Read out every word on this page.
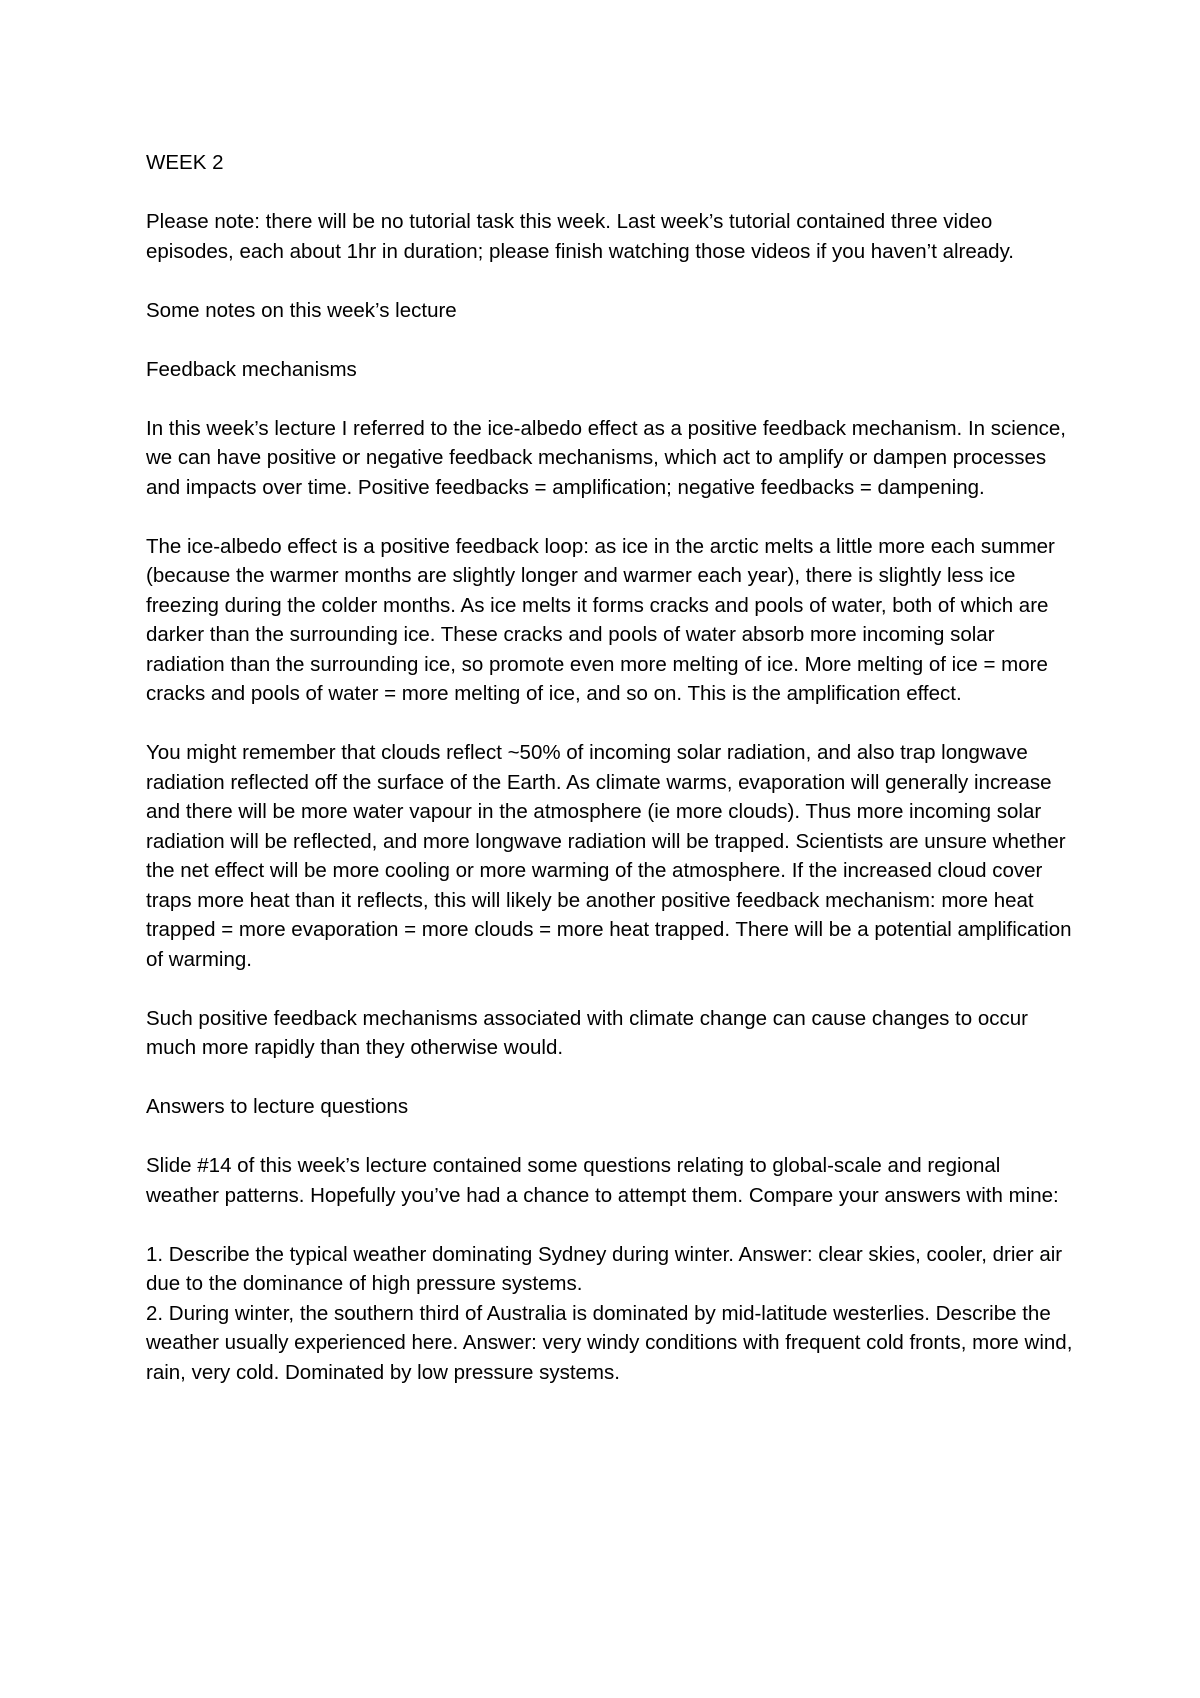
WEEK 2

Please note: there will be no tutorial task this week. Last week’s tutorial contained three video episodes, each about 1hr in duration; please finish watching those videos if you haven’t already.

Some notes on this week’s lecture

Feedback mechanisms

In this week’s lecture I referred to the ice-albedo effect as a positive feedback mechanism. In science, we can have positive or negative feedback mechanisms, which act to amplify or dampen processes and impacts over time. Positive feedbacks = amplification; negative feedbacks = dampening.

The ice-albedo effect is a positive feedback loop: as ice in the arctic melts a little more each summer (because the warmer months are slightly longer and warmer each year), there is slightly less ice freezing during the colder months. As ice melts it forms cracks and pools of water, both of which are darker than the surrounding ice. These cracks and pools of water absorb more incoming solar radiation than the surrounding ice, so promote even more melting of ice. More melting of ice = more cracks and pools of water = more melting of ice, and so on. This is the amplification effect.

You might remember that clouds reflect ~50% of incoming solar radiation, and also trap longwave radiation reflected off the surface of the Earth. As climate warms, evaporation will generally increase and there will be more water vapour in the atmosphere (ie more clouds). Thus more incoming solar radiation will be reflected, and more longwave radiation will be trapped. Scientists are unsure whether the net effect will be more cooling or more warming of the atmosphere. If the increased cloud cover traps more heat than it reflects, this will likely be another positive feedback mechanism: more heat trapped = more evaporation = more clouds = more heat trapped. There will be a potential amplification of warming.

Such positive feedback mechanisms associated with climate change can cause changes to occur much more rapidly than they otherwise would.

Answers to lecture questions

Slide #14 of this week’s lecture contained some questions relating to global-scale and regional weather patterns. Hopefully you’ve had a chance to attempt them. Compare your answers with mine:

1. Describe the typical weather dominating Sydney during winter. Answer: clear skies, cooler, drier air due to the dominance of high pressure systems.

2. During winter, the southern third of Australia is dominated by mid-latitude westerlies. Describe the weather usually experienced here. Answer: very windy conditions with frequent cold fronts, more wind, rain, very cold. Dominated by low pressure systems.
